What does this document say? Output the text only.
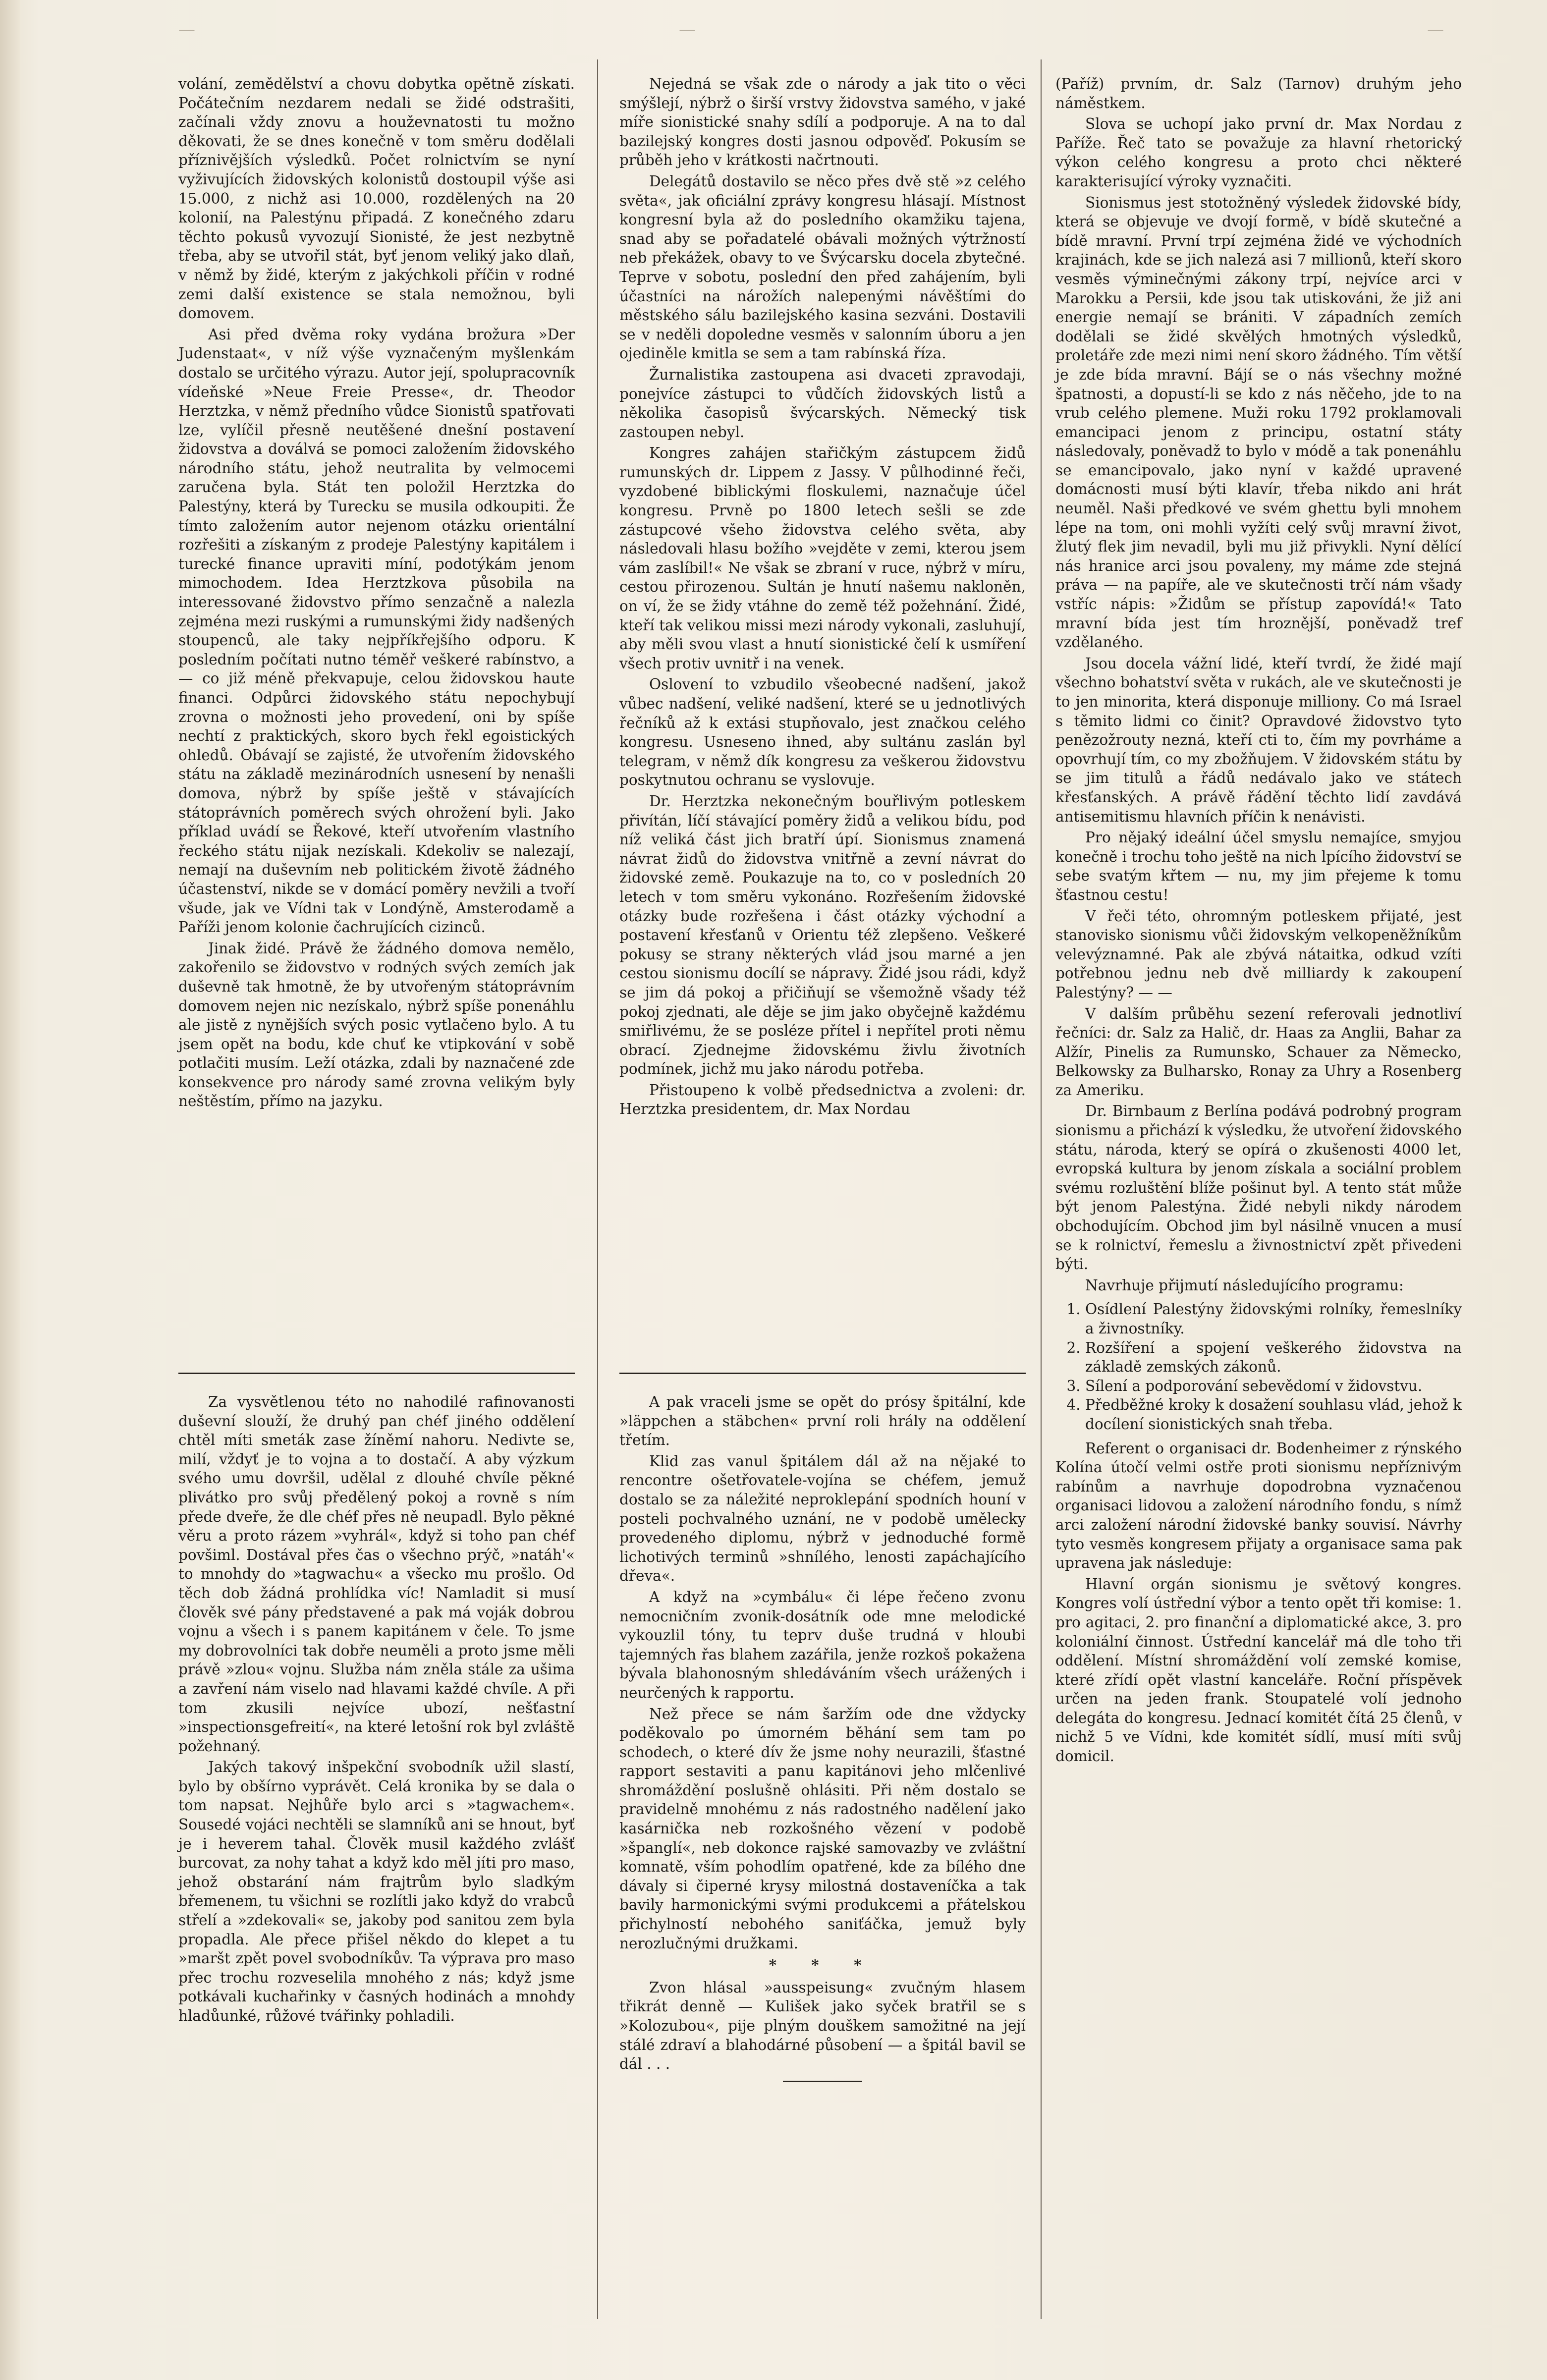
—	—	—

volání, zemědělství a chovu dobytka opětně získati. Počátečním nezdarem nedali se židé odstrašiti, začínali vždy znovu a houževnatosti tu možno děkovati, že se dnes konečně v tom směru dodělali příznivějších výsledků. Počet rolnictvím se nyní vyživujících židovských kolonistů dostoupil výše asi 15.000, z nichž asi 10.000, rozdělených na 20 kolonií, na Palestýnu připadá. Z konečného zdaru těchto pokusů vyvozují Sionisté, že jest nezbytně třeba, aby se utvořil stát, byť jenom veliký jako dlaň, v němž by židé, kterým z jakýchkoli příčin v rodné zemi další existence se stala nemožnou, byli domovem.

Asi před dvěma roky vydána brožura »Der Judenstaat«, v níž výše vyznačeným myšlenkám dostalo se určitého výrazu. Autor její, spolupracovník vídeňské »Neue Freie Presse«, dr. Theodor Herztzka, v němž předního vůdce Sionistů spatřovati lze, vylíčil přesně neutěšené dnešní postavení židovstva a doválvá se pomoci založením židovského národního státu, jehož neutralita by velmocemi zaručena byla. Stát ten položil Herztzka do Palestýny, která by Turecku se musila odkoupiti. Že tímto založením autor nejenom otázku orientální rozřešiti a získaným z prodeje Palestýny kapitálem i turecké finance upraviti míní, podotýkám jenom mimochodem. Idea Herztzkova působila na interessované židovstvo přímo senzačně a nalezla zejména mezi ruskými a rumunskými židy nadšených stoupenců, ale taky nejpříkřejšího odporu. K posledním počítati nutno téměř veškeré rabínstvo, a — co již méně překvapuje, celou židovskou haute financi. Odpůrci židovského státu nepochybují zrovna o možnosti jeho provedení, oni by spíše nechtí z praktických, skoro bych řekl egoistických ohledů. Obávají se zajisté, že utvořením židovského státu na základě mezinárodních usnesení by nenašli domova, nýbrž by spíše ještě v stávajících státoprávních poměrech svých ohrožení byli. Jako příklad uvádí se Řekové, kteří utvořením vlastního řeckého státu nijak nezískali. Kdekoliv se nalezají, nemají na duševním neb politickém životě žádného účastenství, nikde se v domácí poměry nevžili a tvoří všude, jak ve Vídni tak v Londýně, Amsterodamě a Paříži jenom kolonie čachrujících cizinců.

Jinak židé. Právě že žádného domova nemělo, zakořenilo se židovstvo v rodných svých zemích jak duševně tak hmotně, že by utvořeným státoprávním domovem nejen nic nezískalo, nýbrž spíše ponenáhlu ale jistě z nynějších svých posic vytlačeno bylo. A tu jsem opět na bodu, kde chuť ke vtipkování v sobě potlačiti musím. Leží otázka, zdali by naznačené zde konsekvence pro národy samé zrovna velikým byly neštěstím, přímo na jazyku.

Za vysvětlenou této no nahodilé rafinovanosti duševní slouží, že druhý pan chéf jiného oddělení chtěl míti smeták zase žíněmí nahoru. Nedivte se, milí, vždyť je to vojna a to dostačí. A aby výzkum svého umu dovršil, udělal z dlouhé chvíle pěkné plivátko pro svůj předělený pokoj a rovně s ním přede dveře, že dle chéf přes ně neupadl. Bylo pěkné věru a proto rázem »vyhrál«, když si toho pan chéf povšiml. Dostával přes čas o všechno prýč, »natáh'« to mnohdy do »tagwachu« a všecko mu prošlo. Od těch dob žádná prohlídka víc! Namladit si musí člověk své pány představené a pak má voják dobrou vojnu a všech i s panem kapitánem v čele. To jsme my dobrovolníci tak dobře neuměli a proto jsme měli právě »zlou« vojnu. Služba nám zněla stále za ušima a zavření nám viselo nad hlavami každé chvíle. A při tom zkusili nejvíce ubozí, nešťastní »inspectionsgefreití«, na které letošní rok byl zvláště požehnaný.

Jakých takový inšpekční svobodník užil slastí, bylo by obšírno vyprávět. Celá kronika by se dala o tom napsat. Nejhůře bylo arci s »tagwachem«. Sousedé vojáci nechtěli se slamníků ani se hnout, byť je i heverem tahal. Člověk musil každého zvlášť burcovat, za nohy tahat a když kdo měl jíti pro maso, jehož obstarání nám frajtrům bylo sladkým břemenem, tu všichni se rozlítli jako když do vrabců střelí a »zdekovali« se, jakoby pod sanitou zem byla propadla. Ale přece přišel někdo do klepet a tu »maršt zpět povel svobodníkův. Ta výprava pro maso přec trochu rozveselila mnohého z nás; když jsme potkávali kuchařinky v časných hodinách a mnohdy hladůunké, růžové tvářinky pohladili.

Nejedná se však zde o národy a jak tito o věci smýšlejí, nýbrž o širší vrstvy židovstva samého, v jaké míře sionistické snahy sdílí a podporuje. A na to dal bazilejský kongres dosti jasnou odpověď. Pokusím se průběh jeho v krátkosti načrtnouti.

Delegátů dostavilo se něco přes dvě stě »z celého světa«, jak oficiální zprávy kongresu hlásají. Místnost kongresní byla až do posledního okamžiku tajena, snad aby se pořadatelé obávali možných výtržností neb překážek, obavy to ve Švýcarsku docela zbytečné. Teprve v sobotu, poslední den před zahájením, byli účastníci na nárožích nalepenými návěštími do městského sálu bazilejského kasina sezváni. Dostavili se v neděli dopoledne vesměs v salonním úboru a jen ojediněle kmitla se sem a tam rabínská říza.

Žurnalistika zastoupena asi dvaceti zpravodaji, ponejvíce zástupci to vůdčích židovských listů a několika časopisů švýcarských. Německý tisk zastoupen nebyl.

Kongres zahájen stařičkým zástupcem židů rumunských dr. Lippem z Jassy. V půlhodinné řeči, vyzdobené biblickými floskulemi, naznačuje účel kongresu. Prvně po 1800 letech sešli se zde zástupcové všeho židovstva celého světa, aby následovali hlasu božího »vejděte v zemi, kterou jsem vám zaslíbil!« Ne však se zbraní v ruce, nýbrž v míru, cestou přirozenou. Sultán je hnutí našemu nakloněn, on ví, že se židy vtáhne do země též požehnání. Židé, kteří tak velikou missi mezi národy vykonali, zasluhují, aby měli svou vlast a hnutí sionistické čelí k usmíření všech protiv uvnitř i na venek.

Oslovení to vzbudilo všeobecné nadšení, jakož vůbec nadšení, veliké nadšení, které se u jednotlivých řečníků až k extási stupňovalo, jest značkou celého kongresu. Usneseno ihned, aby sultánu zaslán byl telegram, v němž dík kongresu za veškerou židovstvu poskytnutou ochranu se vyslovuje.

Dr. Herztzka nekonečným bouřlivým potleskem přivítán, líčí stávající poměry židů a velikou bídu, pod níž veliká část jich bratří úpí. Sionismus znamená návrat židů do židovstva vnitřně a zevní návrat do židovské země. Poukazuje na to, co v posledních 20 letech v tom směru vykonáno. Rozřešením židovské otázky bude rozřešena i část otázky východní a postavení křesťanů v Orientu též zlepšeno. Veškeré pokusy se strany některých vlád jsou marné a jen cestou sionismu docílí se nápravy. Židé jsou rádi, když se jim dá pokoj a přičiňují se všemožně všady též pokoj zjednati, ale děje se jim jako obyčejně každému smiřlivému, že se posléze přítel i nepřítel proti němu obrací. Zjednejme židovskému živlu životních podmínek, jichž mu jako národu potřeba.

Přistoupeno k volbě předsednictva a zvoleni: dr. Herztzka presidentem, dr. Max Nordau

A pak vraceli jsme se opět do prósy špitální, kde »läppchen a stäbchen« první roli hrály na oddělení třetím.

Klid zas vanul špitálem dál až na nějaké to rencontre ošetřovatele-vojína se chéfem, jemuž dostalo se za náležité neproklepání spodních houní v posteli pochvalného uznání, ne v podobě umělecky provedeného diplomu, nýbrž v jednoduché formě lichotivých terminů »shnílého, lenosti zapáchajícího dřeva«.

A když na »cymbálu« či lépe řečeno zvonu nemocničním zvonik-dosátník ode mne melodické vykouzlil tóny, tu teprv duše trudná v hloubi tajemných řas blahem zazářila, jenže rozkoš pokažena bývala blahonosným shledáváním všech urážených i neurčených k rapportu.

Než přece se nám šaržím ode dne vždycky poděkovalo po úmorném běhání sem tam po schodech, o které dív že jsme nohy neurazili, šťastné rapport sestaviti a panu kapitánovi jeho mlčenlivé shromáždění poslušně ohlásiti. Při něm dostalo se pravidelně mnohému z nás radostného nadělení jako kasárnička neb rozkošného vězení v podobě »španglí«, neb dokonce rajské samovazby ve zvláštní komnatě, vším pohodlím opatřené, kde za bílého dne dávaly si čiperné krysy milostná dostaveníčka a tak bavily harmonickými svými produkcemi a přátelskou přichylností nebohého saniťáčka, jemuž byly nerozlučnými družkami.

* * *

Zvon hlásal »ausspeisung« zvučným hlasem třikrát denně — Kulišek jako syček bratřil se s »Kolozubou«, pije plným douškem samožitné na její stálé zdraví a blahodárné působení — a špitál bavil se dál . . .

(Paříž) prvním, dr. Salz (Tarnov) druhým jeho náměstkem.

Slova se uchopí jako první dr. Max Nordau z Paříže. Řeč tato se považuje za hlavní rhetorický výkon celého kongresu a proto chci některé karakterisující výroky vyznačiti.

Sionismus jest stotožněný výsledek židovské bídy, která se objevuje ve dvojí formě, v bídě skutečné a bídě mravní. První trpí zejména židé ve východních krajinách, kde se jich nalezá asi 7 millionů, kteří skoro vesměs výminečnými zákony trpí, nejvíce arci v Marokku a Persii, kde jsou tak utiskováni, že již ani energie nemají se brániti. V západních zemích dodělali se židé skvělých hmotných výsledků, proletáře zde mezi nimi není skoro žádného. Tím větší je zde bída mravní. Bájí se o nás všechny možné špatnosti, a dopustí-li se kdo z nás něčeho, jde to na vrub celého plemene. Muži roku 1792 proklamovali emancipaci jenom z principu, ostatní státy následovaly, poněvadž to bylo v módě a tak ponenáhlu se emancipovalo, jako nyní v každé upravené domácnosti musí býti klavír, třeba nikdo ani hrát neuměl. Naši předkové ve svém ghettu byli mnohem lépe na tom, oni mohli vyžíti celý svůj mravní život, žlutý flek jim nevadil, byli mu již přivykli. Nyní dělící nás hranice arci jsou povaleny, my máme zde stejná práva — na papíře, ale ve skutečnosti trčí nám všady vstříc nápis: »Židům se přístup zapovídá!« Tato mravní bída jest tím hroznější, poněvadž tref vzdělaného.

Jsou docela vážní lidé, kteří tvrdí, že židé mají všechno bohatství světa v rukách, ale ve skutečnosti je to jen minorita, která disponuje milliony. Co má Israel s těmito lidmi co činit? Opravdové židovstvo tyto penězožrouty nezná, kteří cti to, čím my povrháme a opovrhují tím, co my zbožňujem. V židovském státu by se jim titulů a řádů nedávalo jako ve státech křesťanských. A právě řádění těchto lidí zavdává antisemitismu hlavních příčin k nenávisti.

Pro nějaký ideální účel smyslu nemajíce, smyjou konečně i trochu toho ještě na nich lpícího židovství se sebe svatým křtem — nu, my jim přejeme k tomu šťastnou cestu!

V řeči této, ohromným potleskem přijaté, jest stanovisko sionismu vůči židovským velkopeněžníkům velevýznamné. Pak ale zbývá nátaitka, odkud vzíti potřebnou jednu neb dvě milliardy k zakoupení Palestýny? — —

V dalším průběhu sezení referovali jednotliví řečníci: dr. Salz za Halič, dr. Haas za Anglii, Bahar za Alžír, Pinelis za Rumunsko, Schauer za Německo, Belkowsky za Bulharsko, Ronay za Uhry a Rosenberg za Ameriku.

Dr. Birnbaum z Berlína podává podrobný program sionismu a přichází k výsledku, že utvoření židovského státu, národa, který se opírá o zkušenosti 4000 let, evropská kultura by jenom získala a sociální problem svému rozluštění blíže pošinut byl. A tento stát může být jenom Palestýna. Židé nebyli nikdy národem obchodujícím. Obchod jim byl násilně vnucen a musí se k rolnictví, řemeslu a živnostnictví zpět přivedeni býti.

Navrhuje přijmutí následujícího programu:

1. Osídlení Palestýny židovskými rolníky, řemeslníky a živnostníky.
2. Rozšíření a spojení veškerého židovstva na základě zemských zákonů.
3. Sílení a podporování sebevědomí v židovstvu.
4. Předběžné kroky k dosažení souhlasu vlád, jehož k docílení sionistických snah třeba.

Referent o organisaci dr. Bodenheimer z rýnského Kolína útočí velmi ostře proti sionismu nepříznivým rabínům a navrhuje dopodrobna vyznačenou organisaci lidovou a založení národního fondu, s nímž arci založení národní židovské banky souvisí. Návrhy tyto vesměs kongresem přijaty a organisace sama pak upravena jak následuje:

Hlavní orgán sionismu je světový kongres. Kongres volí ústřední výbor a tento opět tři komise: 1. pro agitaci, 2. pro finanční a diplomatické akce, 3. pro koloniální činnost. Ústřední kancelář má dle toho tři oddělení. Místní shromáždění volí zemské komise, které zřídí opět vlastní kanceláře. Roční příspěvek určen na jeden frank. Stoupatelé volí jednoho delegáta do kongresu. Jednací komitét čítá 25 členů, v nichž 5 ve Vídni, kde komitét sídlí, musí míti svůj domicil.
